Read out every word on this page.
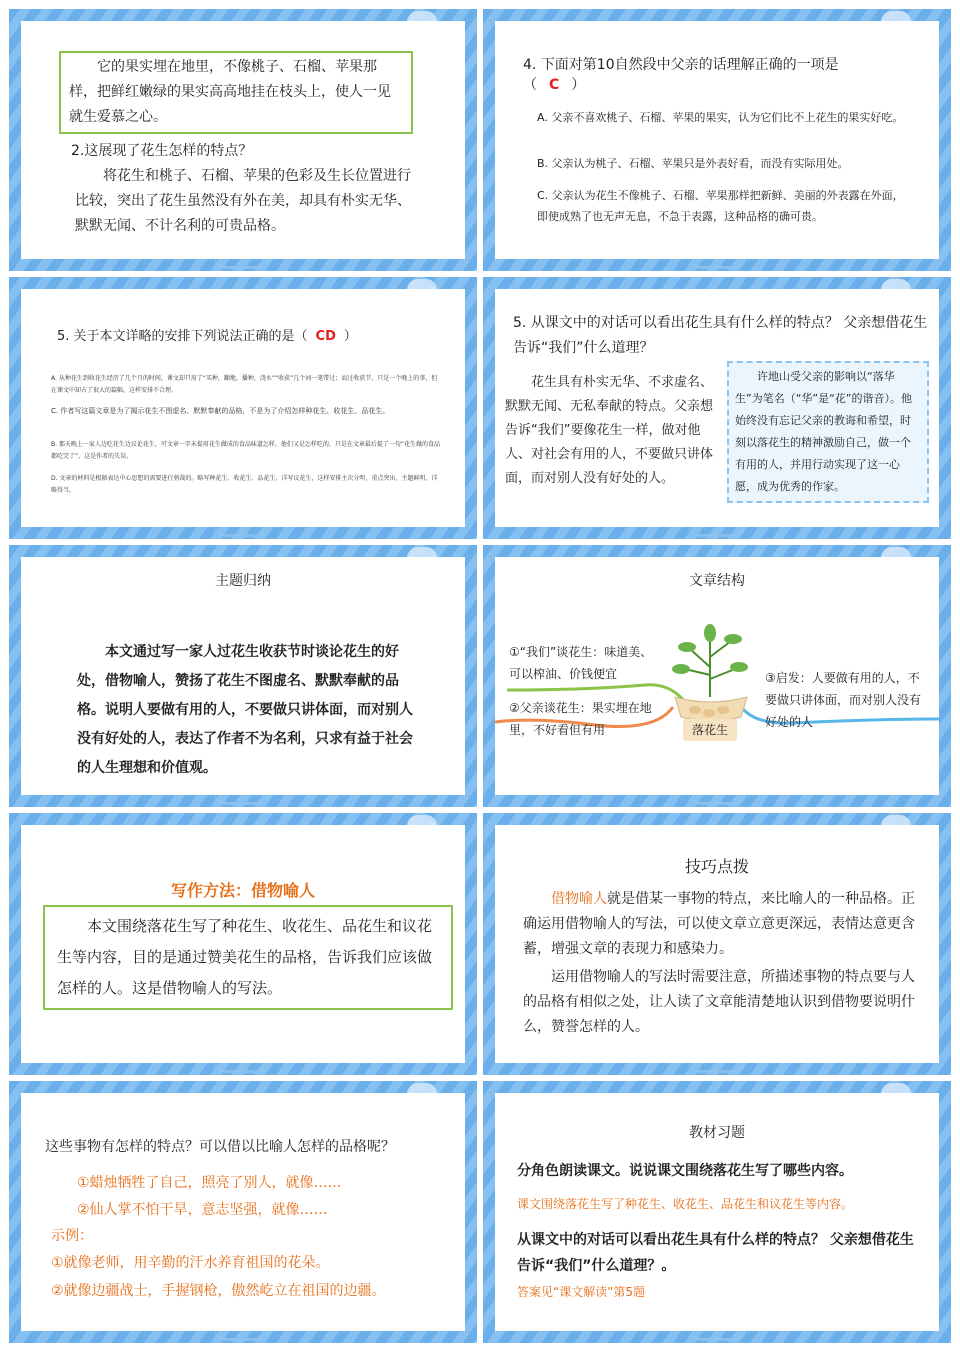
它的果实埋在地里，不像桃子、石榴、苹果那样，把鲜红嫩绿的果实高高地挂在枝头上，使人一见就生爱慕之心。

2.这展现了花生怎样的特点？

将花生和桃子、石榴、苹果的色彩及生长位置进行比较，突出了花生虽然没有外在美，却具有朴实无华、默默无闻、不计名利的可贵品格。

4. 下面对第10自然段中父亲的话理解正确的一项是
（ C ）

A. 父亲不喜欢桃子、石榴、苹果的果实，认为它们比不上花生的果实好吃。

B. 父亲认为桃子、石榴、苹果只是外表好看，而没有实际用处。

C. 父亲认为花生不像桃子、石榴、苹果那样把新鲜、美丽的外表露在外面，即使成熟了也无声无息，不急于表露，这种品格的确可贵。

5. 关于本文详略的安排下列说法正确的是（ CD ）

A. 从种花生到收花生经历了几个月的时间，课文却只用了“买种，翻地，播种，浇水”“收获”几个词一笔带过；而过收获节，只是一个晚上的事，但在课文中却占了很大的篇幅。这样安排不合理。

C. 作者写这篇文章是为了揭示花生不图虚名、默默奉献的品格，不是为了介绍怎样种花生、收花生、品花生。

B. 那天晚上一家人边吃花生边议论花生，可文章一字未提用花生做成的食品味道怎样，他们又是怎样吃的，只是在文章最后提了一句“花生做的食品都吃完了”，这是作者的失误。

D. 文章的材料是根据表达中心思想的需要进行剪裁的。略写种花生、收花生、品花生，详写议花生，这样安排主次分明、重点突出、主题鲜明、详略得当。

5. 从课文中的对话可以看出花生具有什么样的特点？ 父亲想借花生告诉“我们”什么道理？

花生具有朴实无华、不求虚名、默默无闻、无私奉献的特点。父亲想告诉“我们”要像花生一样，做对他人、对社会有用的人，不要做只讲体面，而对别人没有好处的人。

许地山受父亲的影响以“落华生”为笔名（“华”是“花”的谐音）。他始终没有忘记父亲的教诲和希望，时刻以落花生的精神激励自己，做一个有用的人，并用行动实现了这一心愿，成为优秀的作家。

主题归纳

本文通过写一家人过花生收获节时谈论花生的好处，借物喻人，赞扬了花生不图虚名、默默奉献的品格。说明人要做有用的人，不要做只讲体面，而对别人没有好处的人，表达了作者不为名利，只求有益于社会的人生理想和价值观。

文章结构

落花生

①“我们”谈花生：味道美、可以榨油、价钱便宜

②父亲谈花生：果实埋在地里，不好看但有用

③启发：人要做有用的人，不要做只讲体面，而对别人没有好处的人

写作方法：借物喻人

本文围绕落花生写了种花生、收花生、品花生和议花生等内容，目的是通过赞美花生的品格，告诉我们应该做怎样的人。这是借物喻人的写法。

技巧点拨

借物喻人就是借某一事物的特点，来比喻人的一种品格。正确运用借物喻人的写法，可以使文章立意更深远，表情达意更含蓄，增强文章的表现力和感染力。

运用借物喻人的写法时需要注意，所描述事物的特点要与人的品格有相似之处，让人读了文章能清楚地认识到借物要说明什么，赞誉怎样的人。

这些事物有怎样的特点？可以借以比喻人怎样的品格呢？

①蜡烛牺牲了自己，照亮了别人，就像……

②仙人掌不怕干旱，意志坚强，就像……

示例：

①就像老师，用辛勤的汗水养育祖国的花朵。

②就像边疆战士，手握钢枪，傲然屹立在祖国的边疆。

教材习题

分角色朗读课文。说说课文围绕落花生写了哪些内容。

课文围绕落花生写了种花生、收花生、品花生和议花生等内容。

从课文中的对话可以看出花生具有什么样的特点？ 父亲想借花生告诉“我们”什么道理？。

答案见“课文解读”第5题
